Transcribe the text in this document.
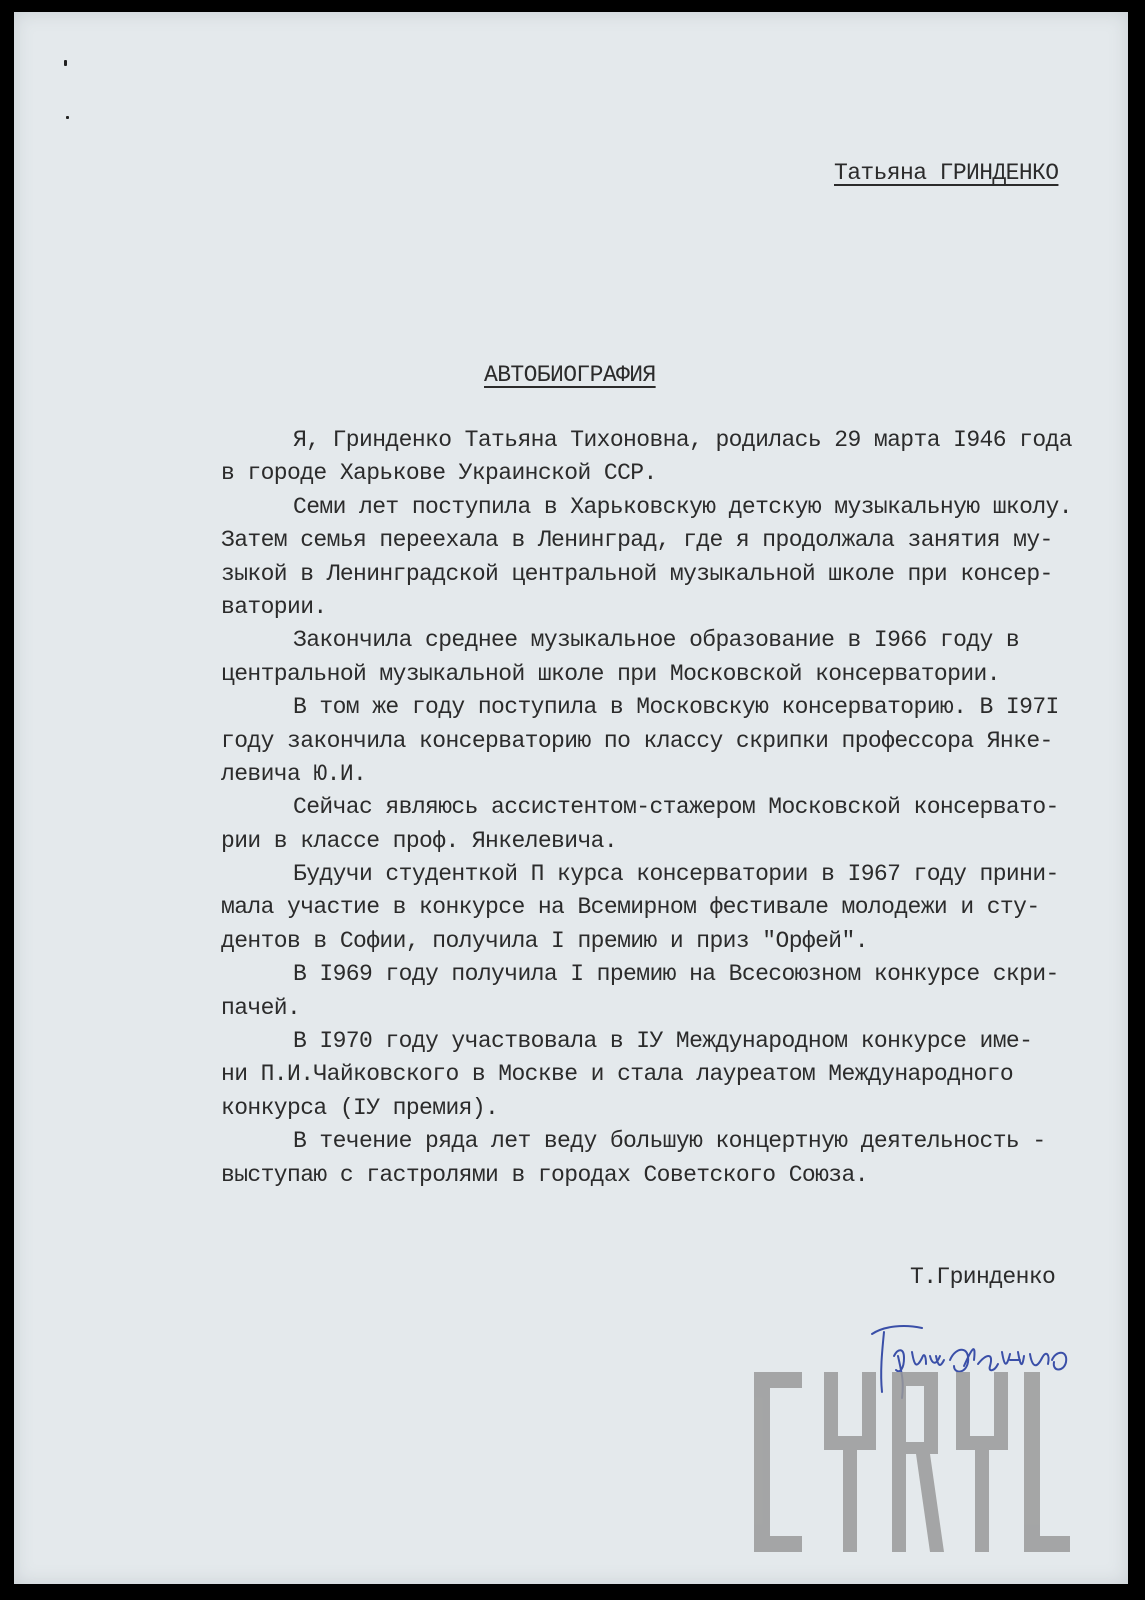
Татьяна ГРИНДЕНКО

АВТОБИОГРАФИЯ

Я, Гринденко Татьяна Тихоновна, родилась 29 марта I946 года

в городе Харькове Украинской ССР.

Семи лет поступила в Харьковскую детскую музыкальную школу.

Затем семья переехала в Ленинград, где я продолжала занятия му-

зыкой в Ленинградской центральной музыкальной школе при консер-

ватории.

Закончила среднее музыкальное образование в I966 году в

центральной музыкальной школе при Московской консерватории.

В том же году поступила в Московскую консерваторию. В I97I

году закончила консерваторию по классу скрипки профессора Янке-

левича Ю.И.

Сейчас являюсь ассистентом-стажером Московской консервато-

рии в классе проф. Янкелевича.

Будучи студенткой П курса консерватории в I967 году прини-

мала участие в конкурсе на Всемирном фестивале молодежи и сту-

дентов в Софии, получила I премию и приз "Орфей".

В I969 году получила I премию на Всесоюзном конкурсе скри-

пачей.

В I970 году участвовала в IУ Международном конкурсе име-

ни П.И.Чайковского в Москве и стала лауреатом Международного

конкурса (IУ премия).

В течение ряда лет веду большую концертную деятельность -

выступаю с гастролями в городах Советского Союза.

Т.Гринденко
